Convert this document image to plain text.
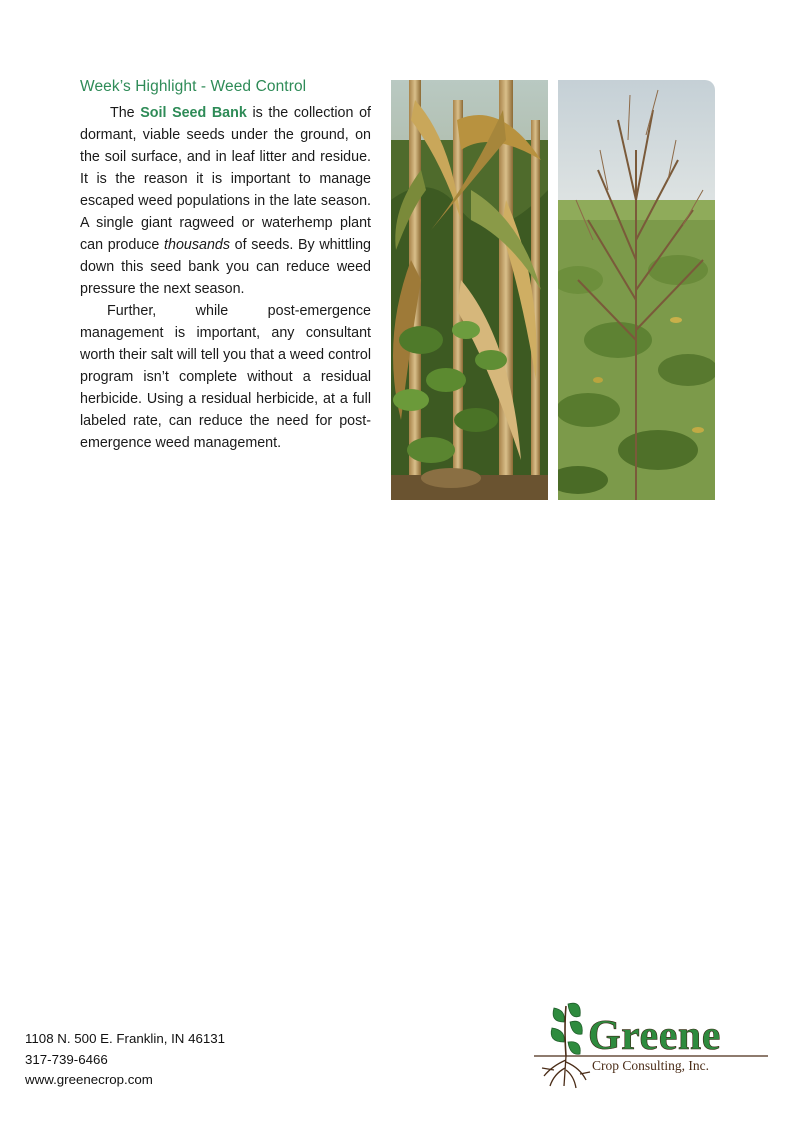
Week’s Highlight - Weed Control

The Soil Seed Bank is the collection of dormant, viable seeds under the ground, on the soil surface, and in leaf litter and residue. It is the reason it is important to manage escaped weed populations in the late season. A single giant ragweed or waterhemp plant can produce thousands of seeds. By whittling down this seed bank you can reduce weed pressure the next season.

Further, while post-emergence management is important, any consultant worth their salt will tell you that a weed control program isn’t complete without a residual herbicide. Using a residual herbicide, at a full labeled rate, can reduce the need for post-emergence weed management.

1108 N. 500 E. Franklin, IN 46131
317-739-6466
www.greenecrop.com
Greene
Crop Consulting, Inc.
